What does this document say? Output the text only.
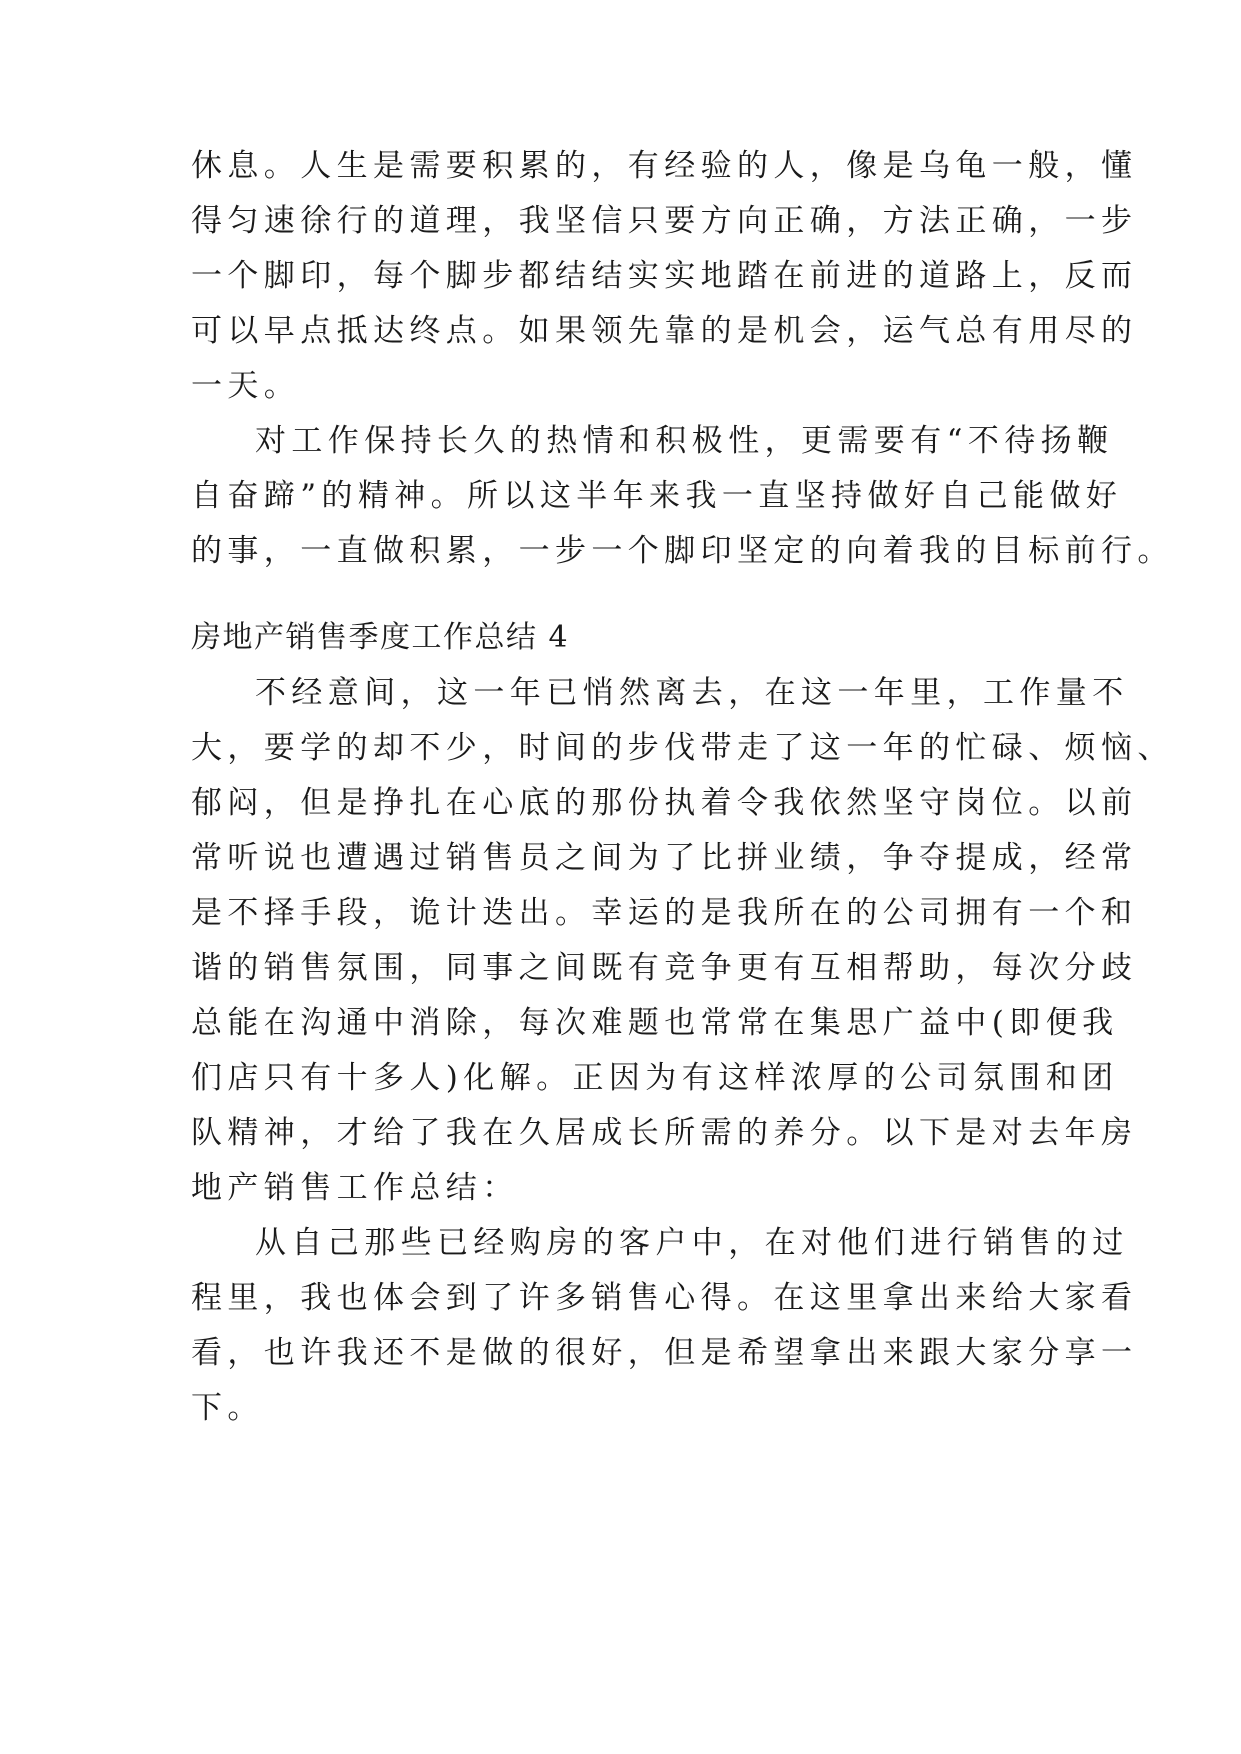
休息。人生是需要积累的，有经验的人，像是乌龟一般，懂
得匀速徐行的道理，我坚信只要方向正确，方法正确，一步
一个脚印，每个脚步都结结实实地踏在前进的道路上，反而
可以早点抵达终点。如果领先靠的是机会，运气总有用尽的
一天。
对工作保持长久的热情和积极性，更需要有“不待扬鞭
自奋蹄”的精神。所以这半年来我一直坚持做好自己能做好
的事，一直做积累，一步一个脚印坚定的向着我的目标前行。
房地产销售季度工作总结 4
不经意间，这一年已悄然离去，在这一年里，工作量不
大，要学的却不少，时间的步伐带走了这一年的忙碌、烦恼、
郁闷，但是挣扎在心底的那份执着令我依然坚守岗位。以前
常听说也遭遇过销售员之间为了比拼业绩，争夺提成，经常
是不择手段，诡计迭出。幸运的是我所在的公司拥有一个和
谐的销售氛围，同事之间既有竞争更有互相帮助，每次分歧
总能在沟通中消除，每次难题也常常在集思广益中(即便我
们店只有十多人)化解。正因为有这样浓厚的公司氛围和团
队精神，才给了我在久居成长所需的养分。以下是对去年房
地产销售工作总结：
从自己那些已经购房的客户中，在对他们进行销售的过
程里，我也体会到了许多销售心得。在这里拿出来给大家看
看，也许我还不是做的很好，但是希望拿出来跟大家分享一
下。
